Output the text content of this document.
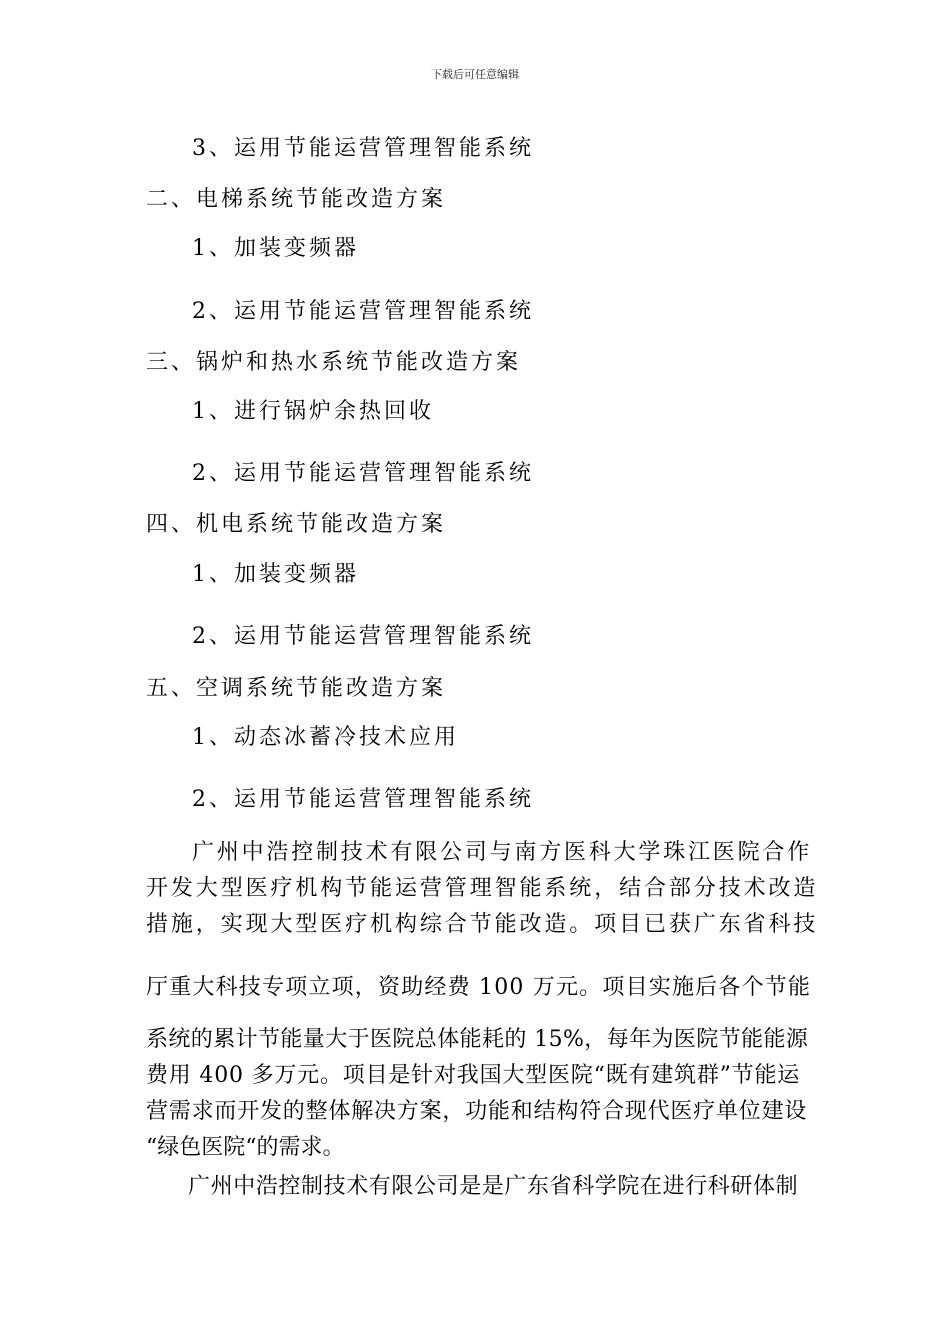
下载后可任意编辑

3、运用节能运营管理智能系统

二、电梯系统节能改造方案

1、加装变频器

2、运用节能运营管理智能系统

三、锅炉和热水系统节能改造方案

1、进行锅炉余热回收

2、运用节能运营管理智能系统

四、机电系统节能改造方案

1、加装变频器

2、运用节能运营管理智能系统

五、空调系统节能改造方案

1、动态冰蓄冷技术应用

2、运用节能运营管理智能系统

广州中浩控制技术有限公司与南方医科大学珠江医院合作

开发大型医疗机构节能运营管理智能系统，结合部分技术改造

措施，实现大型医疗机构综合节能改造。项目已获广东省科技

厅重大科技专项立项，资助经费 100 万元。项目实施后各个节能

系统的累计节能量大于医院总体能耗的 15%，每年为医院节能能源

费用 400 多万元。项目是针对我国大型医院“既有建筑群”节能运

营需求而开发的整体解决方案，功能和结构符合现代医疗单位建设

“绿色医院“的需求。

广州中浩控制技术有限公司是是广东省科学院在进行科研体制
